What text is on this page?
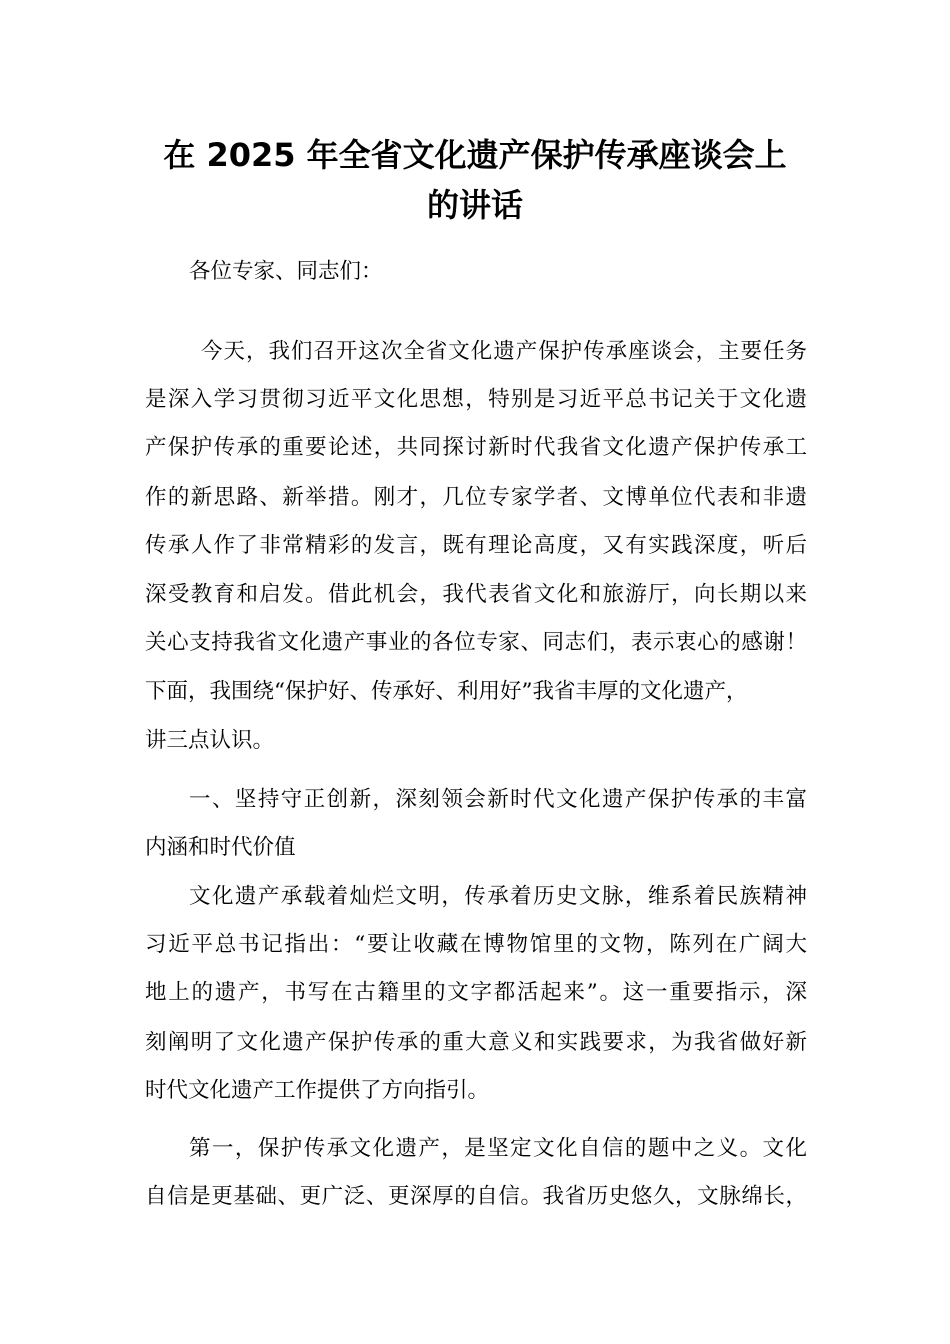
在 2025 年全省文化遗产保护传承座谈会上
的讲话
各位专家、同志们：
今天，我们召开这次全省文化遗产保护传承座谈会，主要任务
是深入学习贯彻习近平文化思想，特别是习近平总书记关于文化遗
产保护传承的重要论述，共同探讨新时代我省文化遗产保护传承工
作的新思路、新举措。刚才，几位专家学者、文博单位代表和非遗
传承人作了非常精彩的发言，既有理论高度，又有实践深度，听后
深受教育和启发。借此机会，我代表省文化和旅游厅，向长期以来
关心支持我省文化遗产事业的各位专家、同志们，表示衷心的感谢！
下面，我围绕“保护好、传承好、利用好”我省丰厚的文化遗产，
讲三点认识。
一、坚持守正创新，深刻领会新时代文化遗产保护传承的丰富
内涵和时代价值
文化遗产承载着灿烂文明，传承着历史文脉，维系着民族精神
习近平总书记指出：“要让收藏在博物馆里的文物，陈列在广阔大
地上的遗产，书写在古籍里的文字都活起来”。这一重要指示，深
刻阐明了文化遗产保护传承的重大意义和实践要求，为我省做好新
时代文化遗产工作提供了方向指引。
第一，保护传承文化遗产，是坚定文化自信的题中之义。文化
自信是更基础、更广泛、更深厚的自信。我省历史悠久，文脉绵长，
